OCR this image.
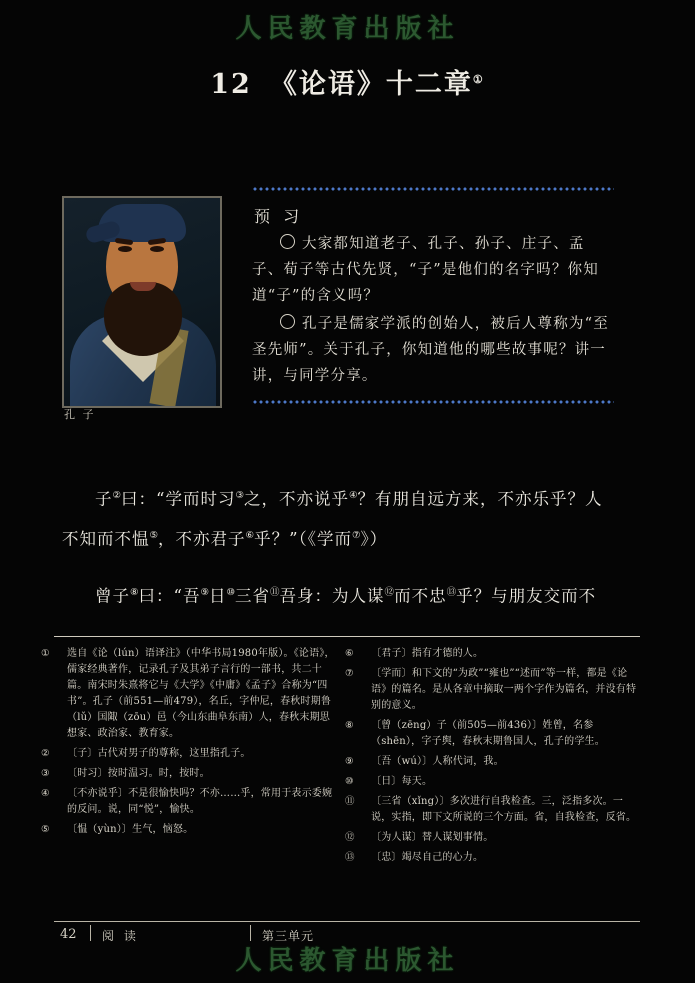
人民教育出版社
12 《论语》十二章①
孔 子
预 习
大家都知道老子、孔子、孙子、庄子、孟子、荀子等古代先贤，“子”是他们的名字吗？你知道“子”的含义吗？
孔子是儒家学派的创始人，被后人尊称为“至圣先师”。关于孔子，你知道他的哪些故事呢？讲一讲，与同学分享。

子②曰：“学而时习③之，不亦说乎④？有朋自远方来，不亦乐乎？人不知而不愠⑤，不亦君子⑥乎？”（《学而⑦》）

曾子⑧曰：“吾⑨日⑩三省⑪吾身：为人谋⑫而不忠⑬乎？与朋友交而不

① 选自《论（lún）语译注》（中华书局1980年版）。《论语》，儒家经典著作，记录孔子及其弟子言行的一部书，共二十篇。南宋时朱熹将它与《大学》《中庸》《孟子》合称为“四书”。孔子（前551—前479），名丘，字仲尼，春秋时期鲁（lǔ）国陬（zōu）邑（今山东曲阜东南）人，春秋末期思想家、政治家、教育家。
② 〔子〕古代对男子的尊称，这里指孔子。
③ 〔时习〕按时温习。时，按时。
④ 〔不亦说乎〕不是很愉快吗？不亦……乎，常用于表示委婉的反问。说，同“悦”，愉快。
⑤ 〔愠（yùn）〕生气，恼怒。
⑥ 〔君子〕指有才德的人。
⑦ 〔学而〕和下文的“为政”“雍也”“述而”等一样，都是《论语》的篇名。是从各章中摘取一两个字作为篇名，并没有特别的意义。
⑧ 〔曾（zēng）子（前505—前436）〕姓曾，名参（shēn），字子舆，春秋末期鲁国人，孔子的学生。
⑨ 〔吾（wú）〕人称代词，我。
⑩ 〔日〕每天。
⑪ 〔三省（xǐng）〕多次进行自我检查。三，泛指多次。一说，实指，即下文所说的三个方面。省，自我检查，反省。
⑫ 〔为人谋〕替人谋划事情。
⑬ 〔忠〕竭尽自己的心力。
42 阅 读	第三单元
人民教育出版社
